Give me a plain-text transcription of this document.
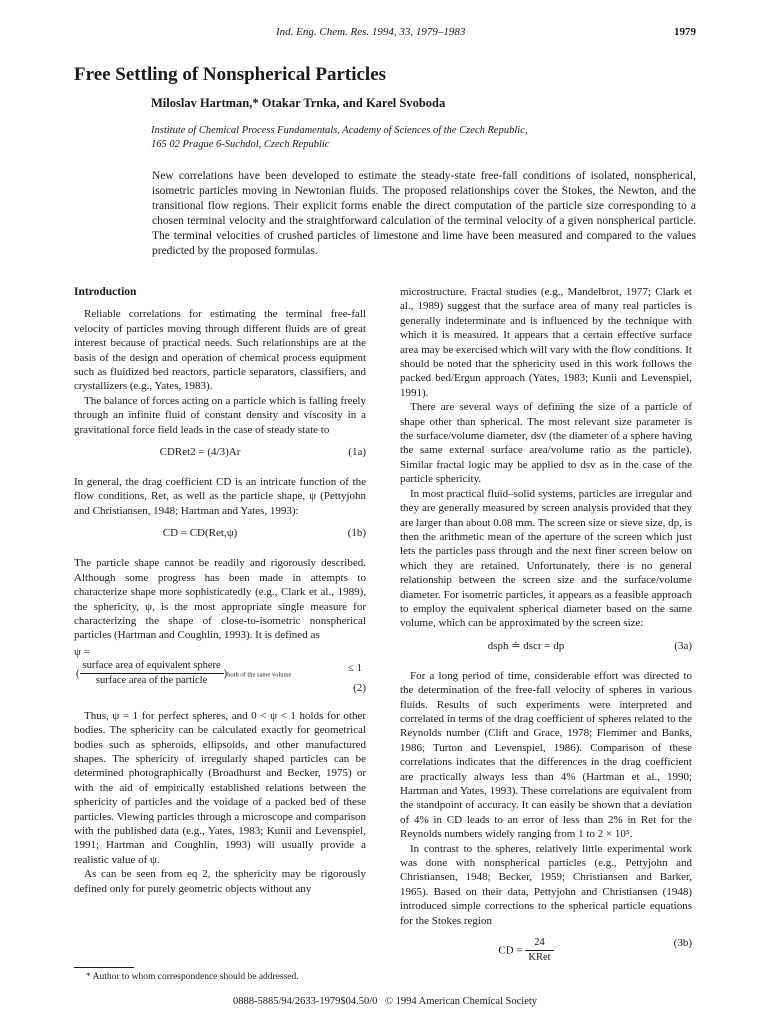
Ind. Eng. Chem. Res. 1994, 33, 1979–1983	1979
Free Settling of Nonspherical Particles
Miloslav Hartman,* Otakar Trnka, and Karel Svoboda
Institute of Chemical Process Fundamentals, Academy of Sciences of the Czech Republic,
165 02 Prague 6-Suchdol, Czech Republic
New correlations have been developed to estimate the steady-state free-fall conditions of isolated, nonspherical, isometric particles moving in Newtonian fluids. The proposed relationships cover the Stokes, the Newton, and the transitional flow regions. Their explicit forms enable the direct computation of the particle size corresponding to a chosen terminal velocity and the straightforward calculation of the terminal velocity of a given nonspherical particle. The terminal velocities of crushed particles of limestone and lime have been measured and compared to the values predicted by the proposed formulas.
Introduction

Reliable correlations for estimating the terminal free-fall velocity of particles moving through different fluids are of great interest because of practical needs. Such relationships are at the basis of the design and operation of chemical process equipment such as fluidized bed reactors, particle separators, classifiers, and crystallizers (e.g., Yates, 1983).

The balance of forces acting on a particle which is falling freely through an infinite fluid of constant density and viscosity in a gravitational force field leads in the case of steady state to

CDRet2 = (4/3)Ar	(1a)

In general, the drag coefficient CD is an intricate function of the flow conditions, Ret, as well as the particle shape, ψ (Pettyjohn and Christiansen, 1948; Hartman and Yates, 1993):

CD = CD(Ret,ψ)	(1b)

The particle shape cannot be readily and rigorously described. Although some progress has been made in attempts to characterize shape more sophisticatedly (e.g., Clark et al., 1989), the sphericity, ψ, is the most appropriate single measure for characterizing the shape of close-to-isometric nonspherical particles (Hartman and Coughlin, 1993). It is defined as

ψ =
( $\frac{\text{surface area of equivalent sphere}}{\text{surface area of the particle}}$ )both of the same volume
≤ 1
(2)

Thus, ψ = 1 for perfect spheres, and 0 < ψ < 1 holds for other bodies. The sphericity can be calculated exactly for geometrical bodies such as spheroids, ellipsoids, and other manufactured shapes. The sphericity of irregularly shaped particles can be determined photographically (Broadhurst and Becker, 1975) or with the aid of empirically established relations between the sphericity of particles and the voidage of a packed bed of these particles. Viewing particles through a microscope and comparison with the published data (e.g., Yates, 1983; Kunii and Levenspiel, 1991; Hartman and Coughlin, 1993) will usually provide a realistic value of ψ.

As can be seen from eq 2, the sphericity may be rigorously defined only for purely geometric objects without any

microstructure. Fractal studies (e.g., Mandelbrot, 1977; Clark et al., 1989) suggest that the surface area of many real particles is generally indeterminate and is influenced by the technique with which it is measured. It appears that a certain effective surface area may be exercised which will vary with the flow conditions. It should be noted that the sphericity used in this work follows the packed bed/Ergun approach (Yates, 1983; Kunii and Levenspiel, 1991).

There are several ways of defining the size of a particle of shape other than spherical. The most relevant size parameter is the surface/volume diameter, dsv (the diameter of a sphere having the same external surface area/volume ratio as the particle). Similar fractal logic may be applied to dsv as in the case of the particle sphericity.

In most practical fluid–solid systems, particles are irregular and they are generally measured by screen analysis provided that they are larger than about 0.08 mm. The screen size or sieve size, dp, is then the arithmetic mean of the aperture of the screen which just lets the particles pass through and the next finer screen below on which they are retained. Unfortunately, there is no general relationship between the screen size and the surface/volume diameter. For isometric particles, it appears as a feasible approach to employ the equivalent spherical diameter based on the same volume, which can be approximated by the screen size:

dsph ≐ dscr = dp	(3a)

For a long period of time, considerable effort was directed to the determination of the free-fall velocity of spheres in various fluids. Results of such experiments were interpreted and correlated in terms of the drag coefficient of spheres related to the Reynolds number (Clift and Grace, 1978; Flemmer and Banks, 1986; Turton and Levenspiel, 1986). Comparison of these correlations indicates that the differences in the drag coefficient are practically always less than 4% (Hartman et al., 1990; Hartman and Yates, 1993). These correlations are equivalent from the standpoint of accuracy. It can easily be shown that a deviation of 4% in CD leads to an error of less than 2% in Ret for the Reynolds numbers widely ranging from 1 to 2 × 10⁵.

In contrast to the spheres, relatively little experimental work was done with nonspherical particles (e.g., Pettyjohn and Christiansen, 1948; Becker, 1959; Christiansen and Barker, 1965). Based on their data, Pettyjohn and Christiansen (1948) introduced simple corrections to the spherical particle equations for the Stokes region

CD = $\frac{24}{\text{KRet}}$	(3b)
* Author to whom correspondence should be addressed.
0888-5885/94/2633-1979$04.50/0 © 1994 American Chemical Society
